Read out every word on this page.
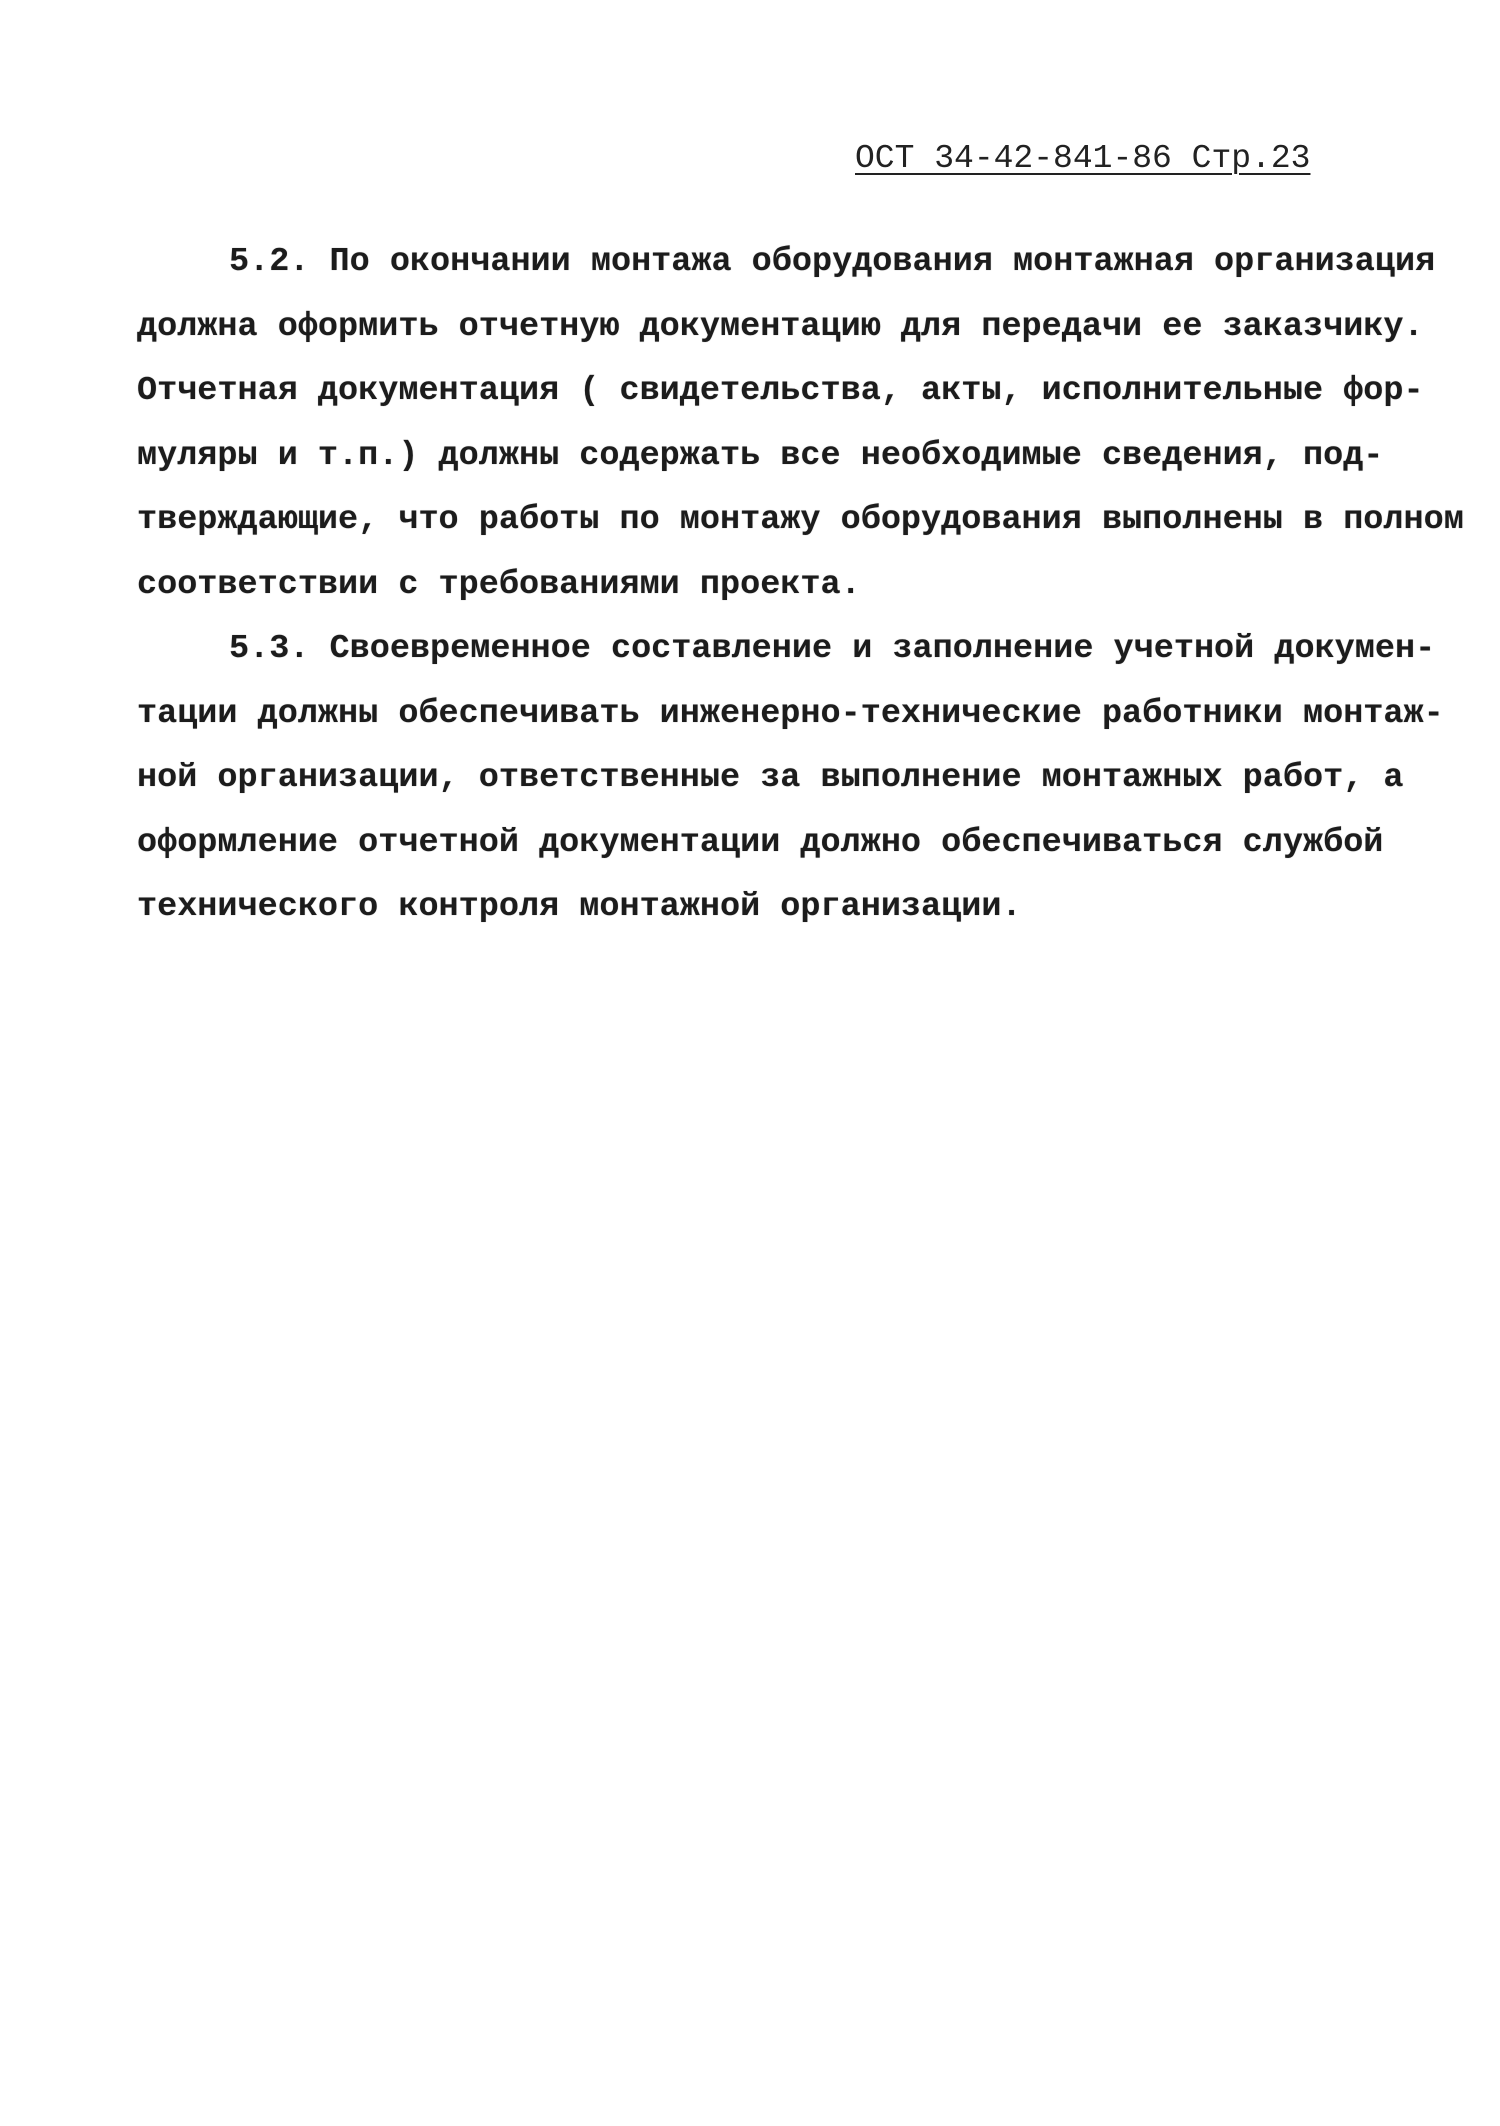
ОСТ 34-42-841-86 Стр.23
5.2. По окончании монтажа оборудования монтажная организация
должна оформить отчетную документацию для передачи ее заказчику.
Отчетная документация ( свидетельства, акты, исполнительные фор-
муляры и т.п.) должны содержать все необходимые сведения, под-
тверждающие, что работы по монтажу оборудования выполнены в полном
соответствии с требованиями проекта.
5.3. Своевременное составление и заполнение учетной докумен-
тации должны обеспечивать инженерно-технические работники монтаж-
ной организации, ответственные за выполнение монтажных работ, а
оформление отчетной документации должно обеспечиваться службой
технического контроля монтажной организации.
